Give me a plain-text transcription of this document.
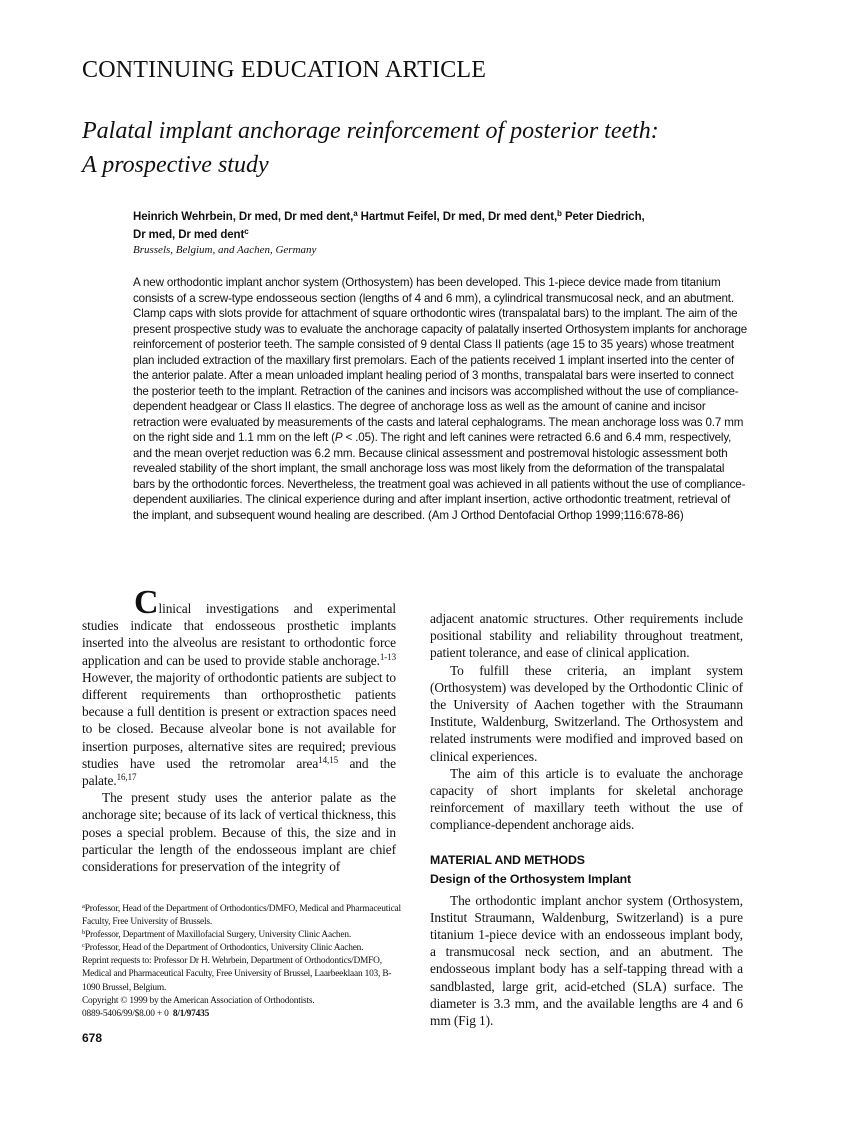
CONTINUING EDUCATION ARTICLE
Palatal implant anchorage reinforcement of posterior teeth:
A prospective study
Heinrich Wehrbein, Dr med, Dr med dent,$^a$ Hartmut Feifel, Dr med, Dr med dent,$^b$ Peter Diedrich,
Dr med, Dr med dent$^c$
Brussels, Belgium, and Aachen, Germany

A new orthodontic implant anchor system (Orthosystem) has been developed. This 1-piece device made from titanium consists of a screw-type endosseous section (lengths of 4 and 6 mm), a cylindrical transmucosal neck, and an abutment. Clamp caps with slots provide for attachment of square orthodontic wires (transpalatal bars) to the implant. The aim of the present prospective study was to evaluate the anchorage capacity of palatally inserted Orthosystem implants for anchorage reinforcement of posterior teeth. The sample consisted of 9 dental Class II patients (age 15 to 35 years) whose treatment plan included extraction of the maxillary first premolars. Each of the patients received 1 implant inserted into the center of the anterior palate. After a mean unloaded implant healing period of 3 months, transpalatal bars were inserted to connect the posterior teeth to the implant. Retraction of the canines and incisors was accomplished without the use of compliance-dependent headgear or Class II elastics. The degree of anchorage loss as well as the amount of canine and incisor retraction were evaluated by measurements of the casts and lateral cephalograms. The mean anchorage loss was 0.7 mm on the right side and 1.1 mm on the left (P < .05). The right and left canines were retracted 6.6 and 6.4 mm, respectively, and the mean overjet reduction was 6.2 mm. Because clinical assessment and postremoval histologic assessment both revealed stability of the short implant, the small anchorage loss was most likely from the deformation of the transpalatal bars by the orthodontic forces. Nevertheless, the treatment goal was achieved in all patients without the use of compliance-dependent auxiliaries. The clinical experience during and after implant insertion, active orthodontic treatment, retrieval of the implant, and subsequent wound healing are described. (Am J Orthod Dentofacial Orthop 1999;116:678-86)

Clinical investigations and experimental studies indicate that endosseous prosthetic implants inserted into the alveolus are resistant to orthodontic force application and can be used to provide stable anchorage.$^{1-13}$ However, the majority of orthodontic patients are subject to different requirements than orthoprosthetic patients because a full dentition is present or extraction spaces need to be closed. Because alveolar bone is not available for insertion purposes, alternative sites are required; previous studies have used the retromolar area$^{14,15}$ and the palate.$^{16,17}$

The present study uses the anterior palate as the anchorage site; because of its lack of vertical thickness, this poses a special problem. Because of this, the size and in particular the length of the endosseous implant are chief considerations for preservation of the integrity of

adjacent anatomic structures. Other requirements include positional stability and reliability throughout treatment, patient tolerance, and ease of clinical application.

To fulfill these criteria, an implant system (Orthosystem) was developed by the Orthodontic Clinic of the University of Aachen together with the Straumann Institute, Waldenburg, Switzerland. The Orthosystem and related instruments were modified and improved based on clinical experiences.

The aim of this article is to evaluate the anchorage capacity of short implants for skeletal anchorage reinforcement of maxillary teeth without the use of compliance-dependent anchorage aids.

MATERIAL AND METHODS
Design of the Orthosystem Implant

The orthodontic implant anchor system (Orthosystem, Institut Straumann, Waldenburg, Switzerland) is a pure titanium 1-piece device with an endosseous implant body, a transmucosal neck section, and an abutment. The endosseous implant body has a self-tapping thread with a sandblasted, large grit, acid-etched (SLA) surface. The diameter is 3.3 mm, and the available lengths are 4 and 6 mm (Fig 1).

$^a$Professor, Head of the Department of Orthodontics/DMFO, Medical and Pharmaceutical Faculty, Free University of Brussels.
$^b$Professor, Department of Maxillofacial Surgery, University Clinic Aachen.
$^c$Professor, Head of the Department of Orthodontics, University Clinic Aachen.
Reprint requests to: Professor Dr H. Wehrbein, Department of Orthodontics/DMFO, Medical and Pharmaceutical Faculty, Free University of Brussel, Laarbeeklaan 103, B-1090 Brussel, Belgium.
Copyright © 1999 by the American Association of Orthodontists.
0889-5406/99/$8.00 + 0  8/1/97435
678
